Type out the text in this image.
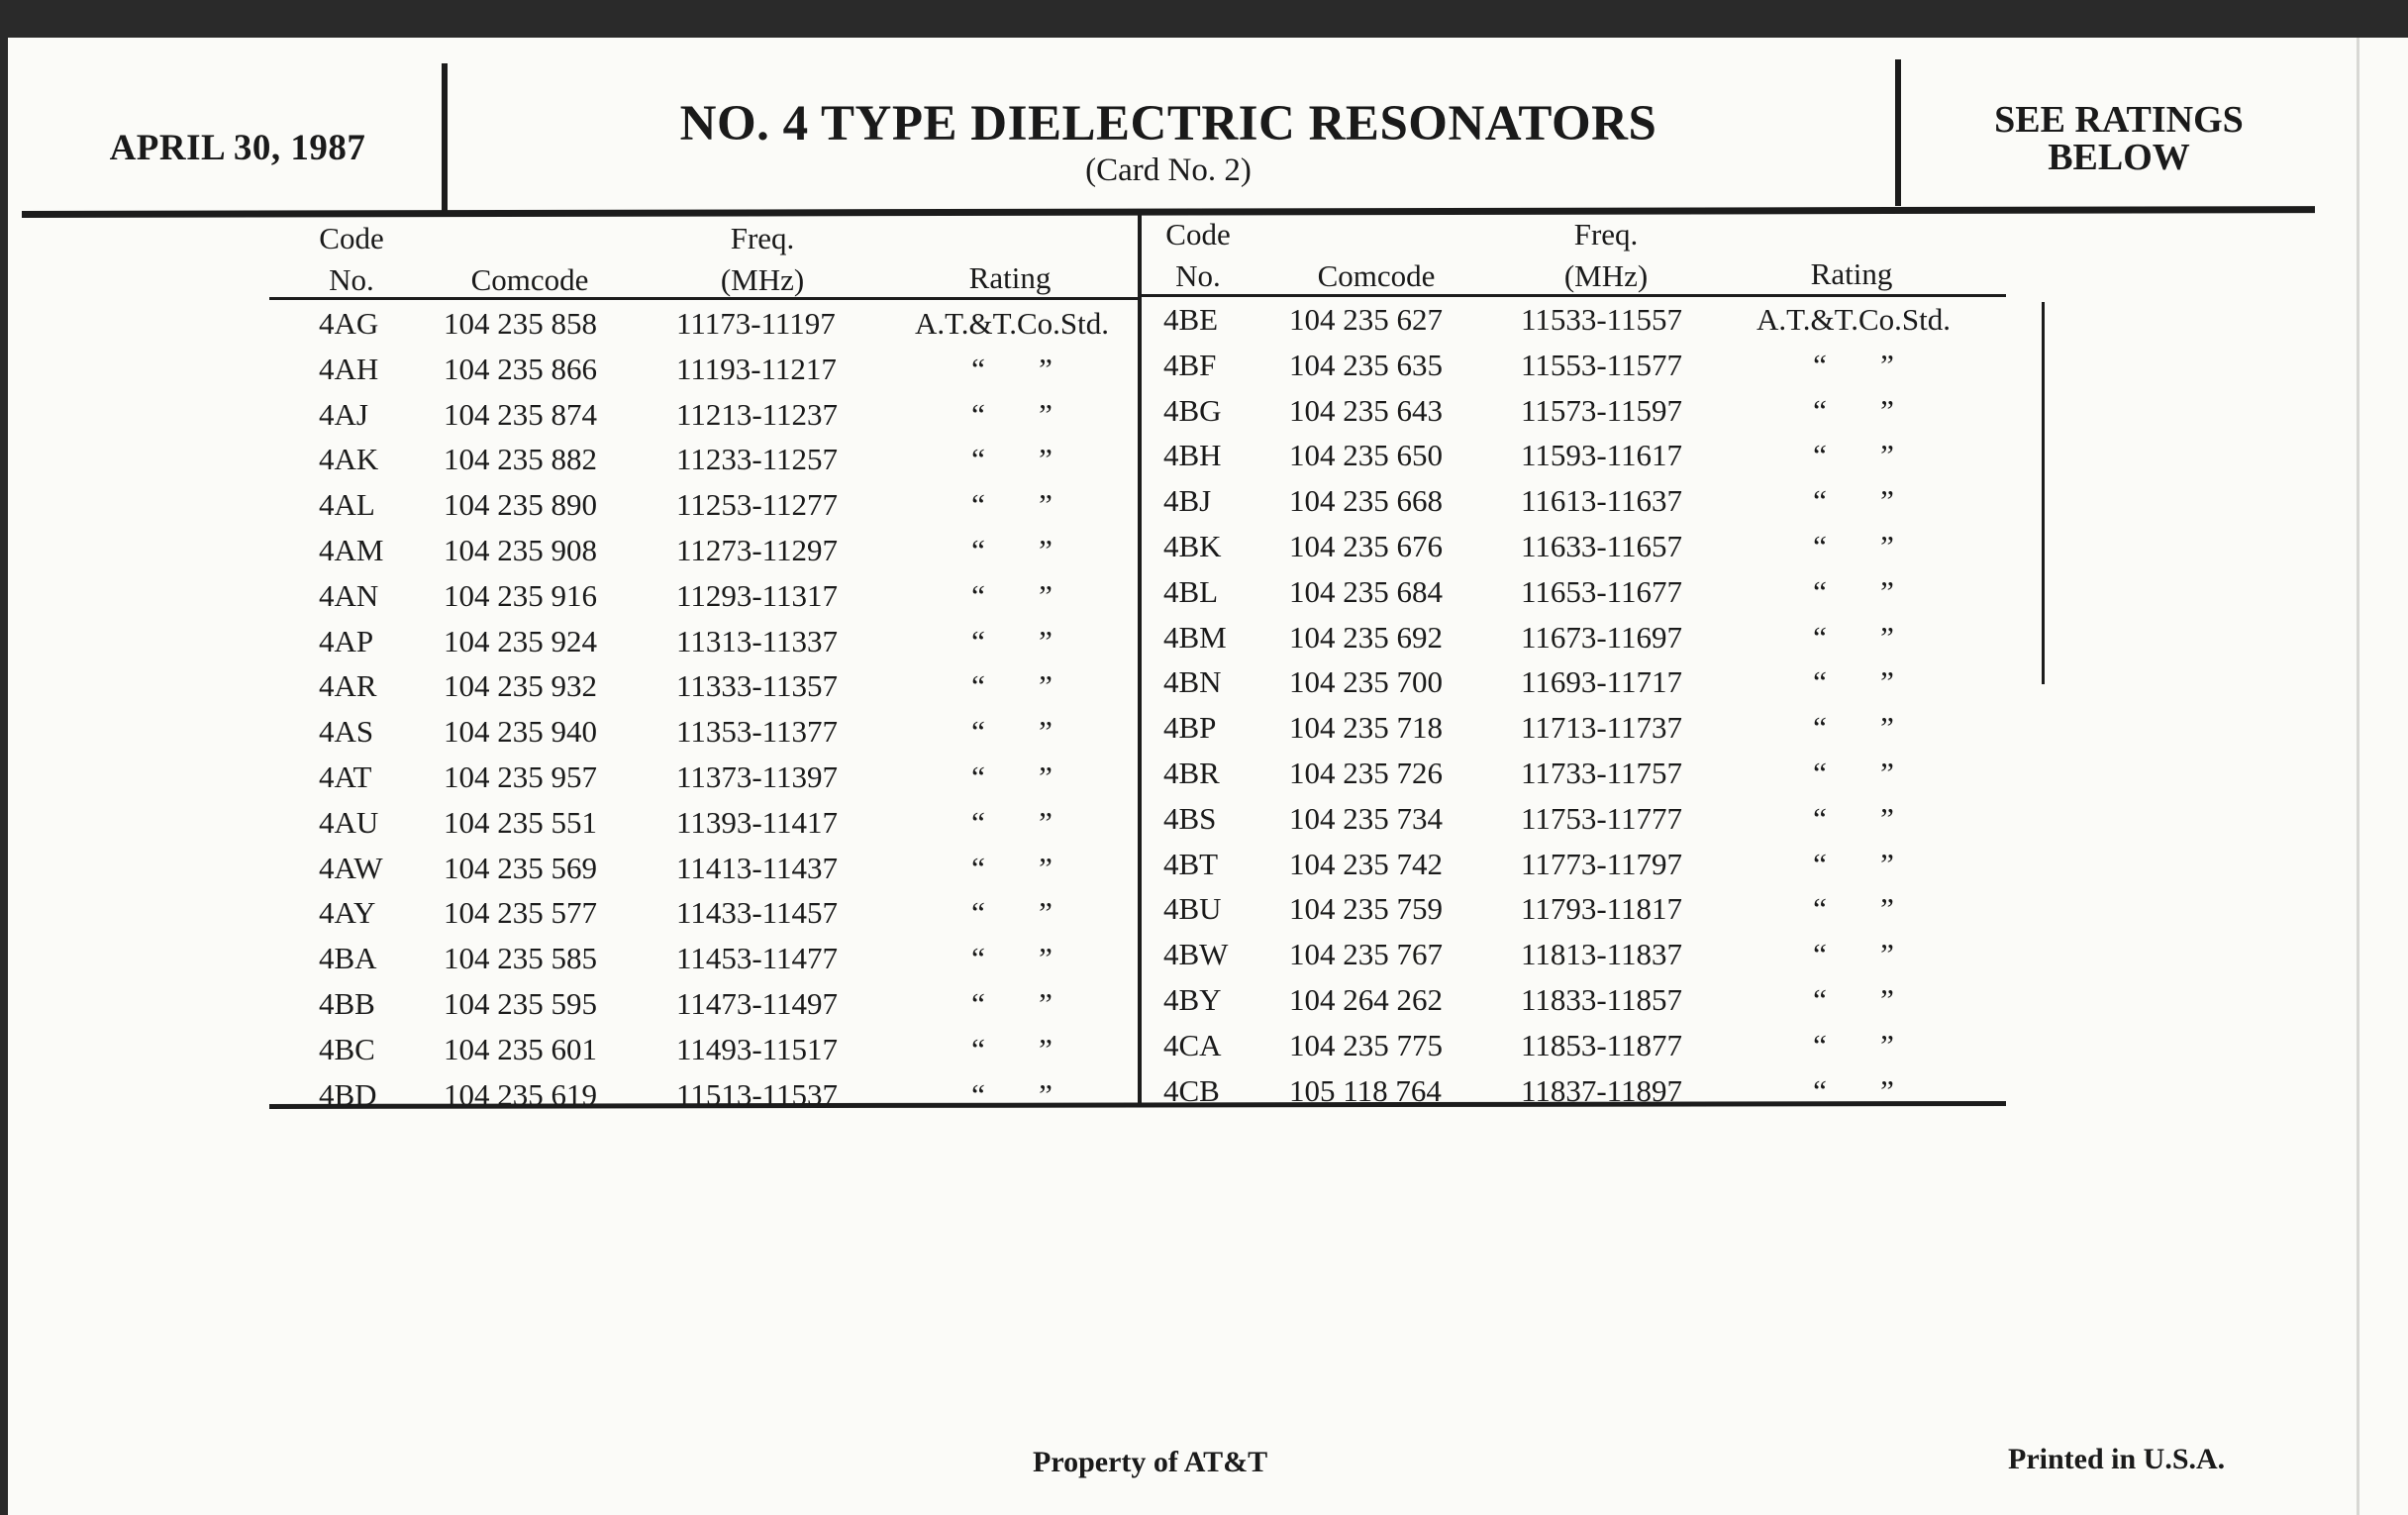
APRIL 30, 1987	NO. 4 TYPE DIELECTRIC RESONATORS
(Card No. 2)
SEE RATINGS
BELOW
Code
No.	Comcode
Freq.
(MHz)	Rating
Code
No.	Comcode
Freq.
(MHz)	Rating
4AG 104 235 858	11173-11197	A.T.&T.Co.Std.
4AH 104 235 866	11193-11217	“       ”
4AJ 104 235 874	11213-11237	“       ”
4AK 104 235 882	11233-11257	“       ”
4AL 104 235 890	11253-11277	“       ”
4AM 104 235 908	11273-11297	“       ”
4AN 104 235 916	11293-11317	“       ”
4AP 104 235 924	11313-11337	“       ”
4AR 104 235 932	11333-11357	“       ”
4AS 104 235 940	11353-11377	“       ”
4AT 104 235 957	11373-11397	“       ”
4AU 104 235 551	11393-11417	“       ”
4AW 104 235 569	11413-11437	“       ”
4AY 104 235 577	11433-11457	“       ”
4BA 104 235 585	11453-11477	“       ”
4BB 104 235 595	11473-11497	“       ”
4BC 104 235 601	11493-11517	“       ”
4BD 104 235 619	11513-11537	“       ”
4BE 104 235 627	11533-11557	A.T.&T.Co.Std.
4BF 104 235 635	11553-11577	“       ”
4BG 104 235 643	11573-11597	“       ”
4BH 104 235 650	11593-11617	“       ”
4BJ	104 235 668	11613-11637	“       ”
4BK 104 235 676	11633-11657	“       ”
4BL 104 235 684	11653-11677	“       ”
4BM 104 235 692	11673-11697	“       ”
4BN 104 235 700	11693-11717	“       ”
4BP 104 235 718	11713-11737	“       ”
4BR 104 235 726	11733-11757	“       ”
4BS 104 235 734	11753-11777	“       ”
4BT 104 235 742	11773-11797	“       ”
4BU 104 235 759	11793-11817	“       ”
4BW 104 235 767	11813-11837	“       ”
4BY 104 264 262	11833-11857	“       ”
4CA 104 235 775	11853-11877	“       ”
4CB 105 118 764	11837-11897	“       ”
Property of AT&T	Printed in U.S.A.
